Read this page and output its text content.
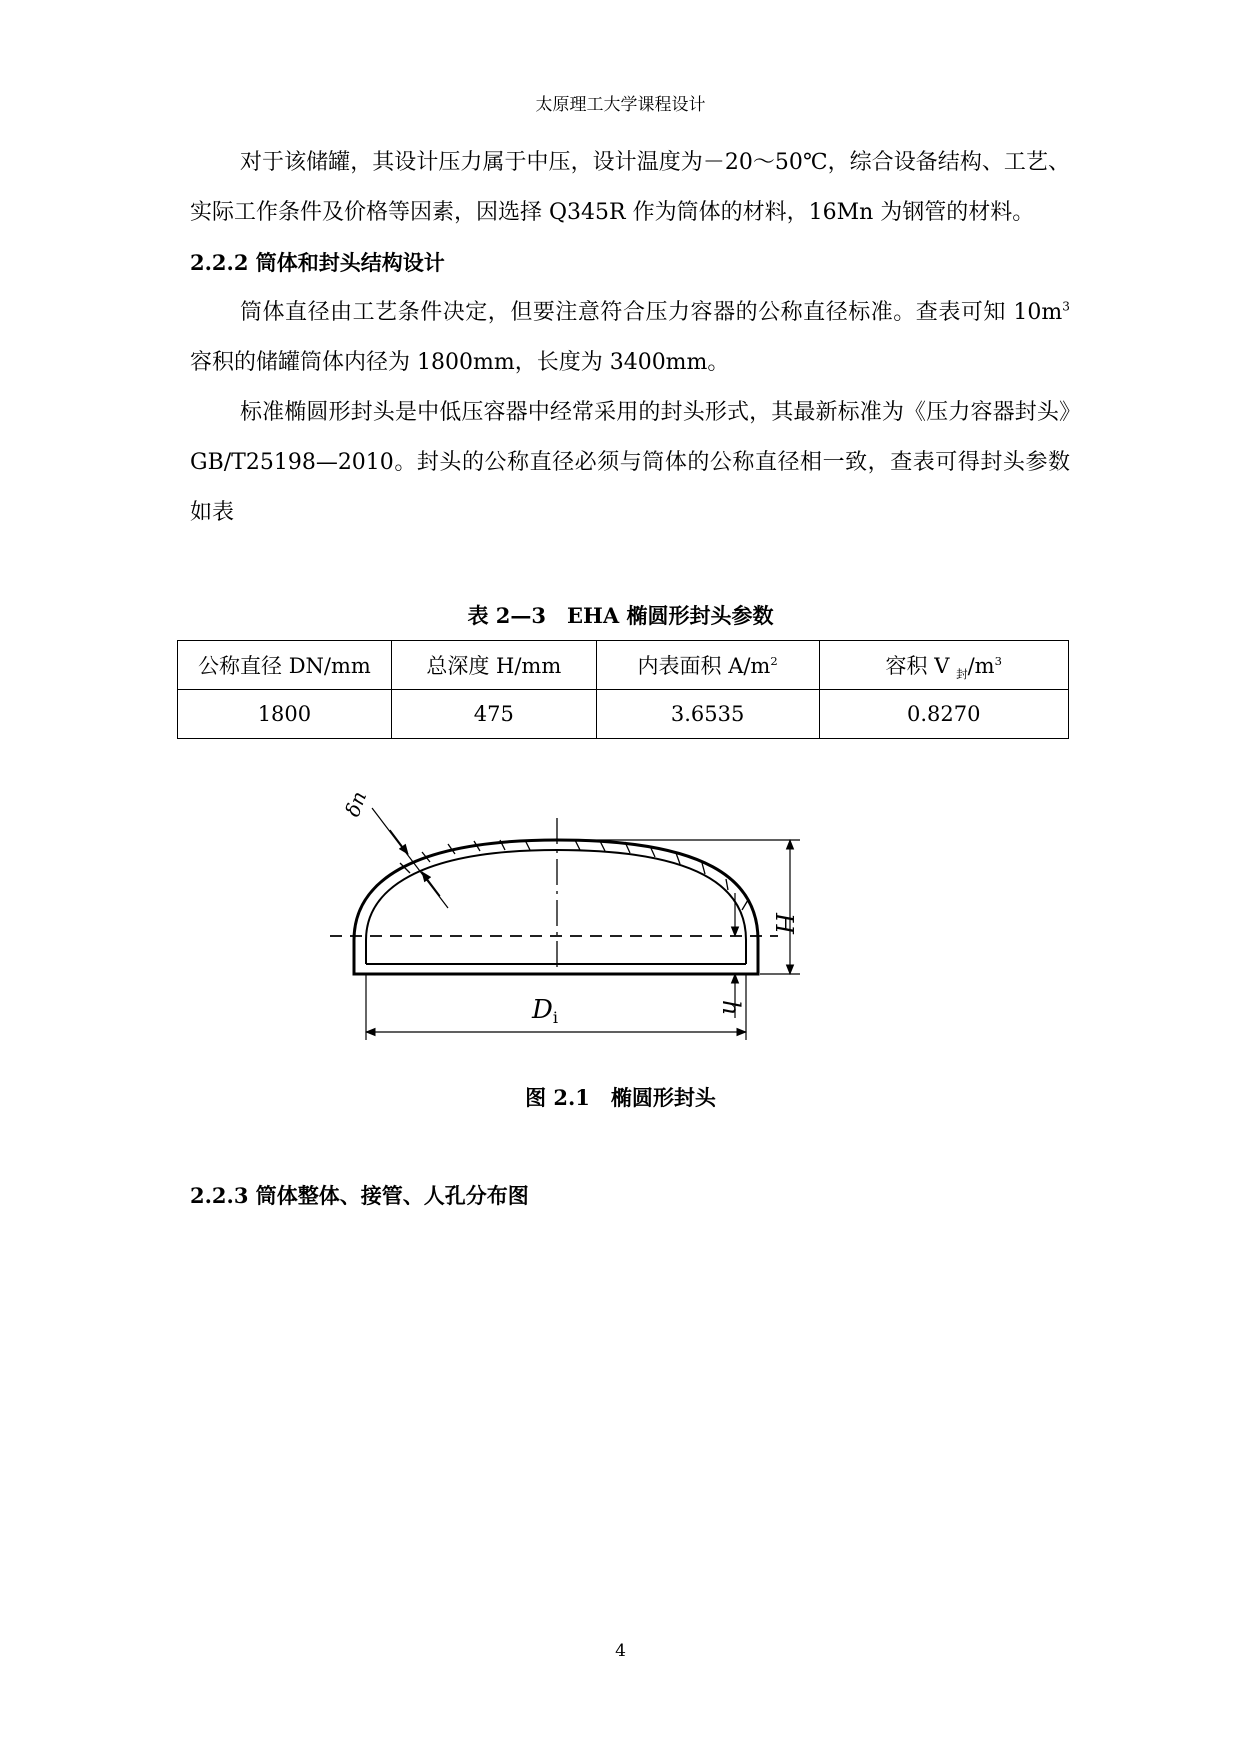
太原理工大学课程设计

对于该储罐，其设计压力属于中压，设计温度为－20～50℃，综合设备结构、工艺、实际工作条件及价格等因素，因选择 Q345R 作为筒体的材料，16Mn 为钢管的材料。

2.2.2 筒体和封头结构设计

筒体直径由工艺条件决定，但要注意符合压力容器的公称直径标准。查表可知 $10m^3$ 容积的储罐筒体内径为 1800mm，长度为 3400mm。

标准椭圆形封头是中低压容器中经常采用的封头形式，其最新标准为《压力容器封头》GB/T25198—2010。封头的公称直径必须与筒体的公称直径相一致，查表可得封头参数如表

表 2—3　EHA 椭圆形封头参数
公称直径 DN/mm	总深度 H/mm	内表面积 $A/m^2$	容积 V $_封/m^3$
1800	475	3.6535	0.8270
H
h
Di
δn
图 2.1　椭圆形封头
2.2.3 筒体整体、接管、人孔分布图
4
